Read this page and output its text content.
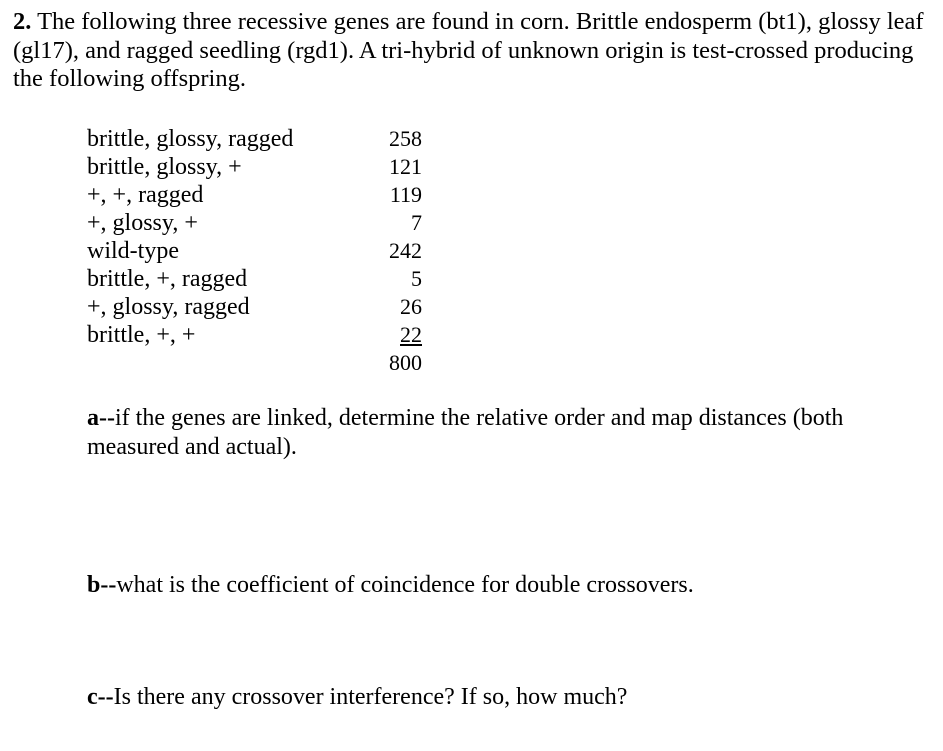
2. The following three recessive genes are found in corn. Brittle endosperm (bt1), glossy leaf (gl17), and ragged seedling (rgd1). A tri-hybrid of unknown origin is test-crossed producing the following offspring.

brittle, glossy, ragged	258
brittle, glossy, +	121
+, +, ragged	119
+, glossy, +	7
wild-type	242
brittle, +, ragged	5
+, glossy, ragged	26
brittle, +, +	22
800

a--if the genes are linked, determine the relative order and map distances (both measured and actual).

b--what is the coefficient of coincidence for double crossovers.

c--Is there any crossover interference? If so, how much?
